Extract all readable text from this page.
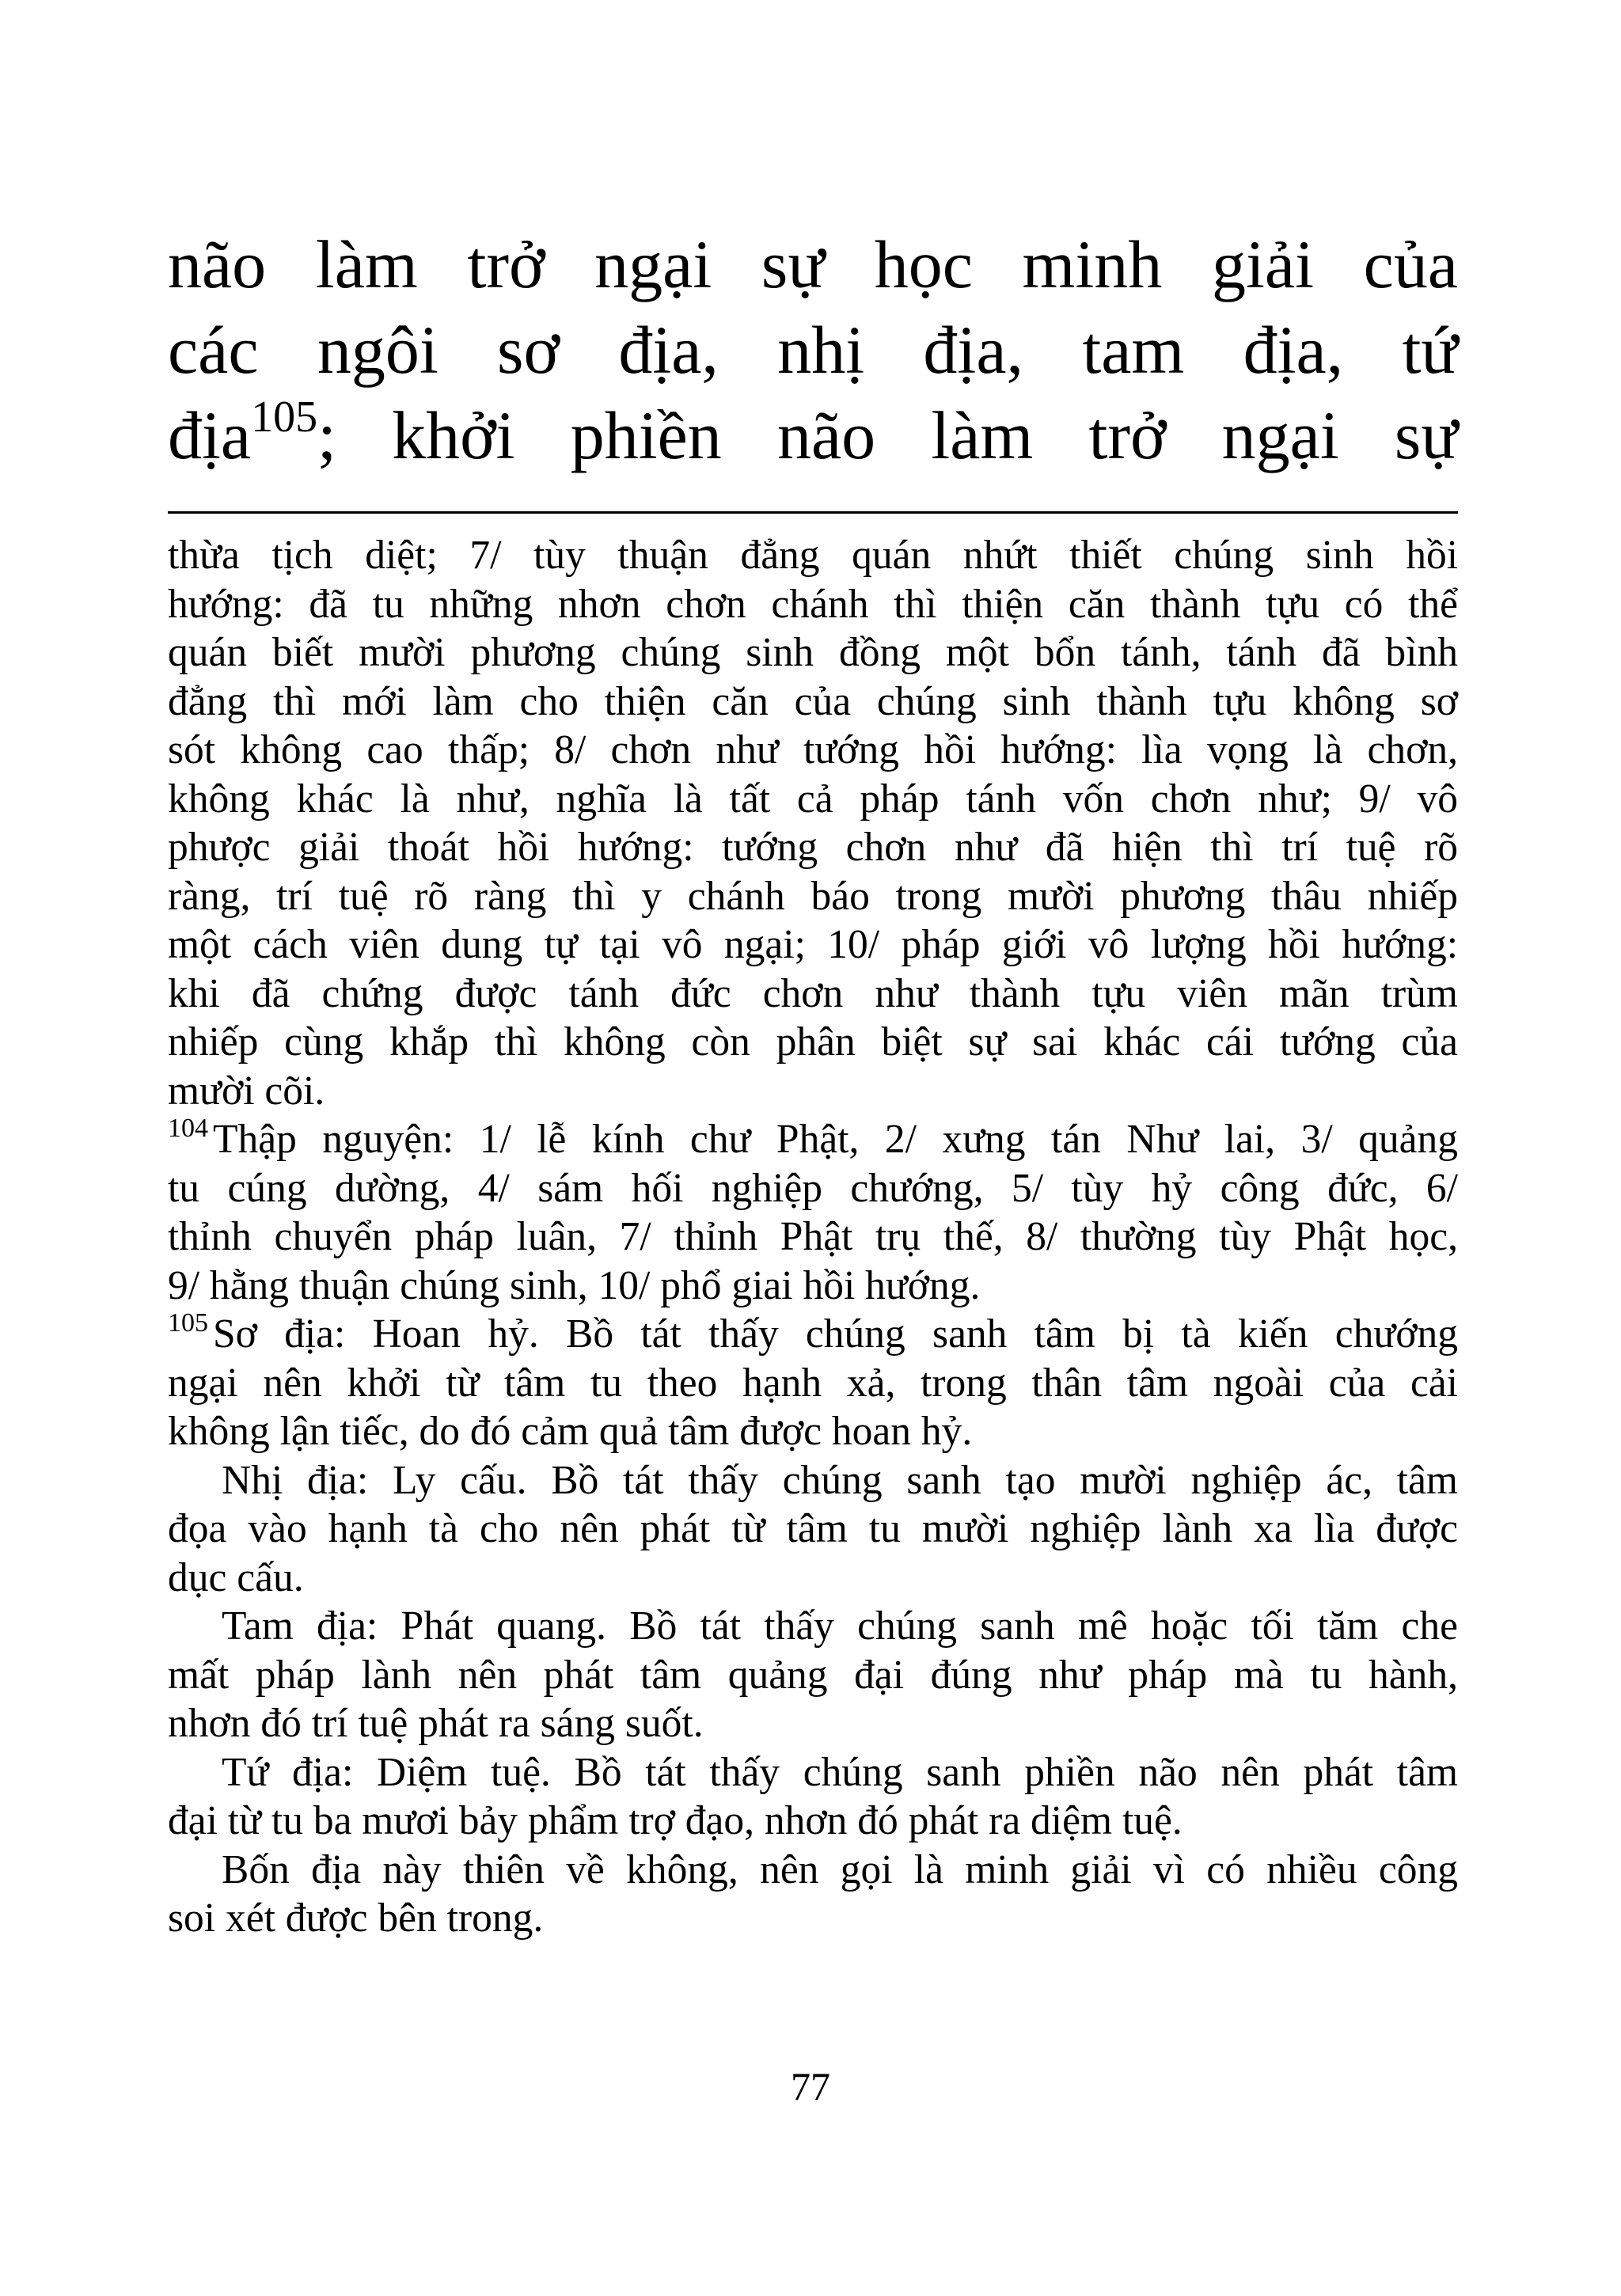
não làm trở ngại sự học minh giải của
các ngôi sơ địa, nhị địa, tam địa, tứ
địa$^{105}$; khởi phiền não làm trở ngại sự
thừa tịch diệt; 7/ tùy thuận đẳng quán nhứt thiết chúng sinh hồi
hướng: đã tu những nhơn chơn chánh thì thiện căn thành tựu có thể
quán biết mười phương chúng sinh đồng một bổn tánh, tánh đã bình
đẳng thì mới làm cho thiện căn của chúng sinh thành tựu không sơ
sót không cao thấp; 8/ chơn như tướng hồi hướng: lìa vọng là chơn,
không khác là như, nghĩa là tất cả pháp tánh vốn chơn như; 9/ vô
phược giải thoát hồi hướng: tướng chơn như đã hiện thì trí tuệ rõ
ràng, trí tuệ rõ ràng thì y chánh báo trong mười phương thâu nhiếp
một cách viên dung tự tại vô ngại; 10/ pháp giới vô lượng hồi hướng:
khi đã chứng được tánh đức chơn như thành tựu viên mãn trùm
nhiếp cùng khắp thì không còn phân biệt sự sai khác cái tướng của
mười cõi.
$^{104}$ Thập nguyện: 1/ lễ kính chư Phật, 2/ xưng tán Như lai, 3/ quảng
tu cúng dường, 4/ sám hối nghiệp chướng, 5/ tùy hỷ công đức, 6/
thỉnh chuyển pháp luân, 7/ thỉnh Phật trụ thế, 8/ thường tùy Phật học,
9/ hằng thuận chúng sinh, 10/ phổ giai hồi hướng.
$^{105}$ Sơ địa: Hoan hỷ. Bồ tát thấy chúng sanh tâm bị tà kiến chướng
ngại nên khởi từ tâm tu theo hạnh xả, trong thân tâm ngoài của cải
không lận tiếc, do đó cảm quả tâm được hoan hỷ.
Nhị địa: Ly cấu. Bồ tát thấy chúng sanh tạo mười nghiệp ác, tâm
đọa vào hạnh tà cho nên phát từ tâm tu mười nghiệp lành xa lìa được
dục cấu.
Tam địa: Phát quang. Bồ tát thấy chúng sanh mê hoặc tối tăm che
mất pháp lành nên phát tâm quảng đại đúng như pháp mà tu hành,
nhơn đó trí tuệ phát ra sáng suốt.
Tứ địa: Diệm tuệ. Bồ tát thấy chúng sanh phiền não nên phát tâm
đại từ tu ba mươi bảy phẩm trợ đạo, nhơn đó phát ra diệm tuệ.
Bốn địa này thiên về không, nên gọi là minh giải vì có nhiều công
soi xét được bên trong.
77
